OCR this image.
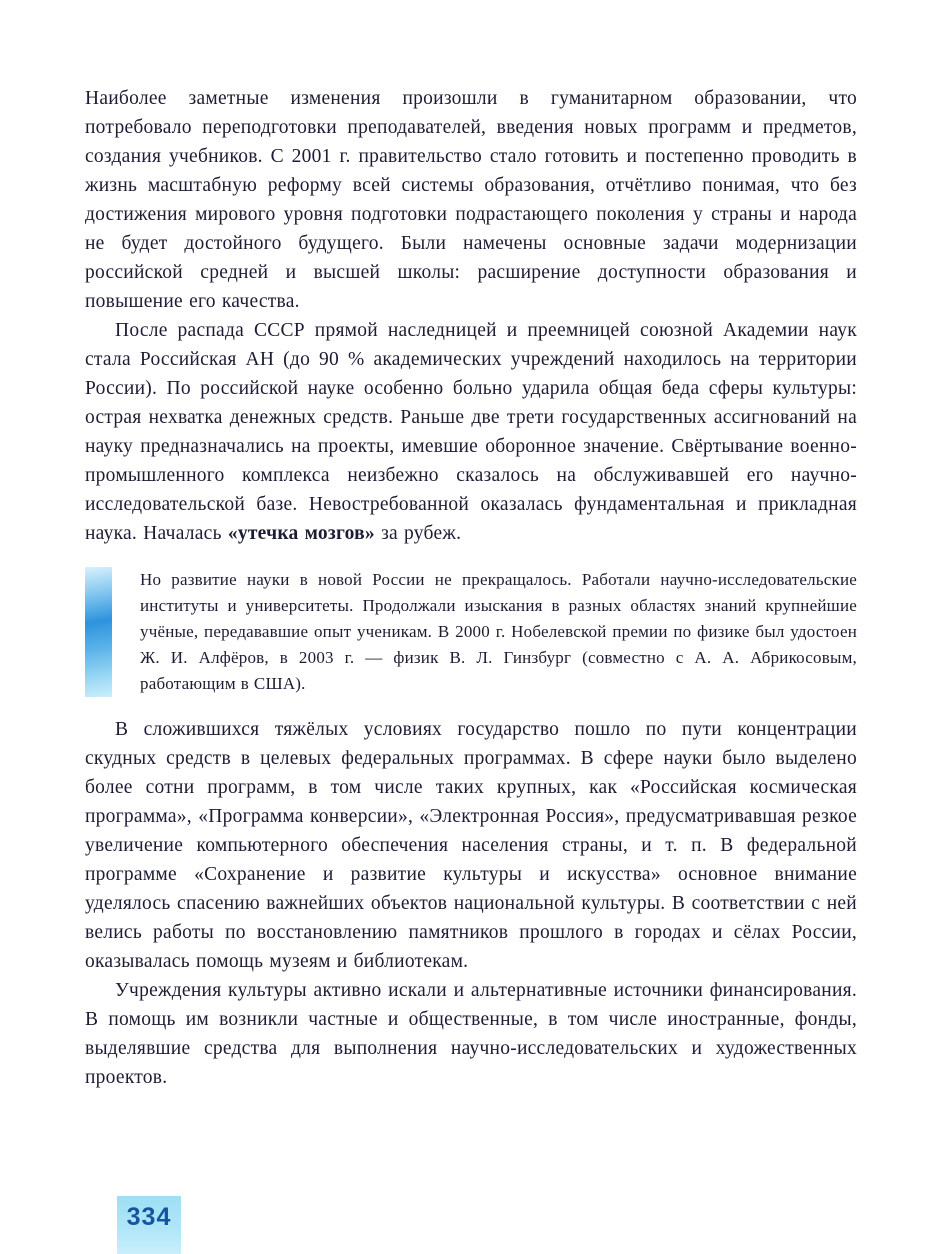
Наиболее заметные изменения произошли в гуманитарном образовании, что потребовало переподготовки преподавателей, введения новых программ и предметов, создания учебников. С 2001 г. правительство стало готовить и постепенно проводить в жизнь масштабную реформу всей системы образования, отчётливо понимая, что без достижения мирового уровня подготовки подрастающего поколения у страны и народа не будет достойного будущего. Были намечены основные задачи модернизации российской средней и высшей школы: расширение доступности образования и повышение его качества.

После распада СССР прямой наследницей и преемницей союзной Академии наук стала Российская АН (до 90 % академических учреждений находилось на территории России). По российской науке особенно больно ударила общая беда сферы культуры: острая нехватка денежных средств. Раньше две трети государственных ассигнований на науку предназначались на проекты, имевшие оборонное значение. Свёртывание военно-промышленного комплекса неизбежно сказалось на обслуживавшей его научно-исследовательской базе. Невостребованной оказалась фундаментальная и прикладная наука. Началась «утечка мозгов» за рубеж.

Но развитие науки в новой России не прекращалось. Работали научно-исследовательские институты и университеты. Продолжали изыскания в разных областях знаний крупнейшие учёные, передававшие опыт ученикам. В 2000 г. Нобелевской премии по физике был удостоен Ж. И. Алфёров, в 2003 г. — физик В. Л. Гинзбург (совместно с А. А. Абрикосовым, работающим в США).

В сложившихся тяжёлых условиях государство пошло по пути концентрации скудных средств в целевых федеральных программах. В сфере науки было выделено более сотни программ, в том числе таких крупных, как «Российская космическая программа», «Программа конверсии», «Электронная Россия», предусматривавшая резкое увеличение компьютерного обеспечения населения страны, и т. п. В федеральной программе «Сохранение и развитие культуры и искусства» основное внимание уделялось спасению важнейших объектов национальной культуры. В соответствии с ней велись работы по восстановлению памятников прошлого в городах и сёлах России, оказывалась помощь музеям и библиотекам.

Учреждения культуры активно искали и альтернативные источники финансирования. В помощь им возникли частные и общественные, в том числе иностранные, фонды, выделявшие средства для выполнения научно-исследовательских и художественных проектов.

334
